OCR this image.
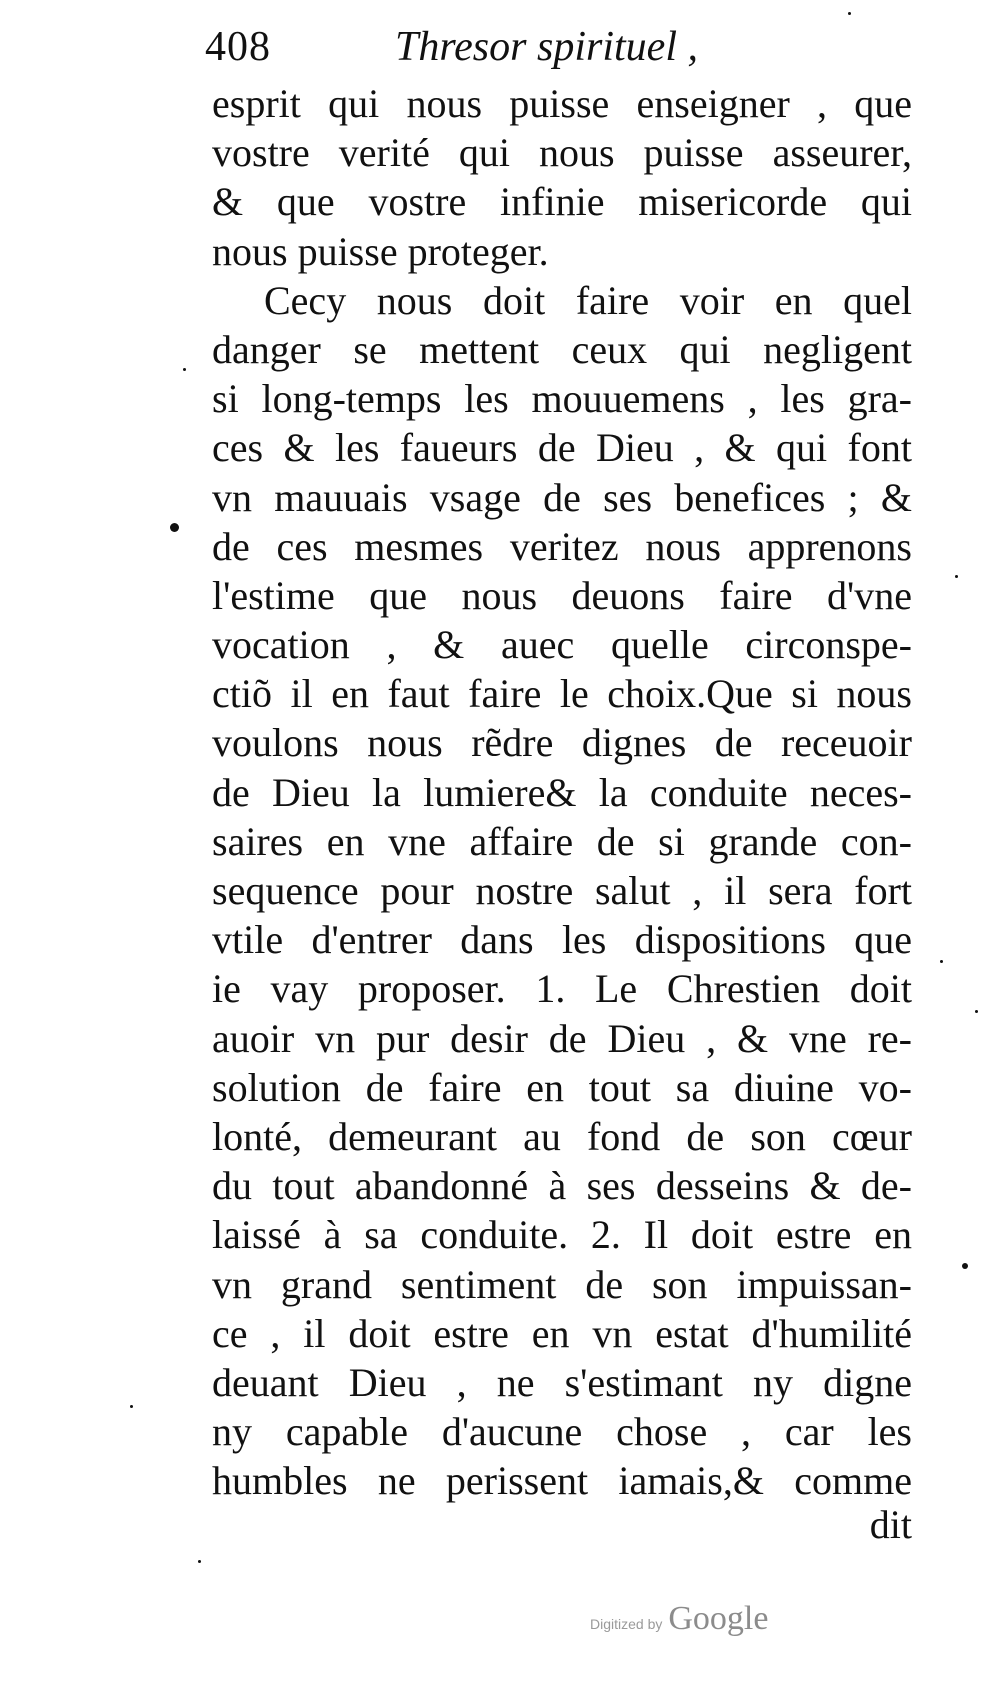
408	Thresor spirituel ,
esprit qui nous puisse enseigner , que
vostre verité qui nous puisse asseurer,
& que vostre infinie misericorde qui
nous puisse proteger.
Cecy nous doit faire voir en quel
danger se mettent ceux qui negligent
si long-temps les mouuemens , les gra-
ces & les faueurs de Dieu , & qui font
vn mauuais vsage de ses benefices ; &
de ces mesmes veritez nous apprenons
l'estime que nous deuons faire d'vne
vocation , & auec quelle circonspe-
ctiõ il en faut faire le choix.Que si nous
voulons nous rẽdre dignes de receuoir
de Dieu la lumiere& la conduite neces-
saires en vne affaire de si grande con-
sequence pour nostre salut , il sera fort
vtile d'entrer dans les dispositions que
ie vay proposer. 1. Le Chrestien doit
auoir vn pur desir de Dieu , & vne re-
solution de faire en tout sa diuine vo-
lonté, demeurant au fond de son cœur
du tout abandonné à ses desseins & de-
laissé à sa conduite. 2. Il doit estre en
vn grand sentiment de son impuissan-
ce , il doit estre en vn estat d'humilité
deuant Dieu , ne s'estimant ny digne
ny capable d'aucune chose , car les
humbles ne perissent iamais,& comme
dit
Digitized by Google
